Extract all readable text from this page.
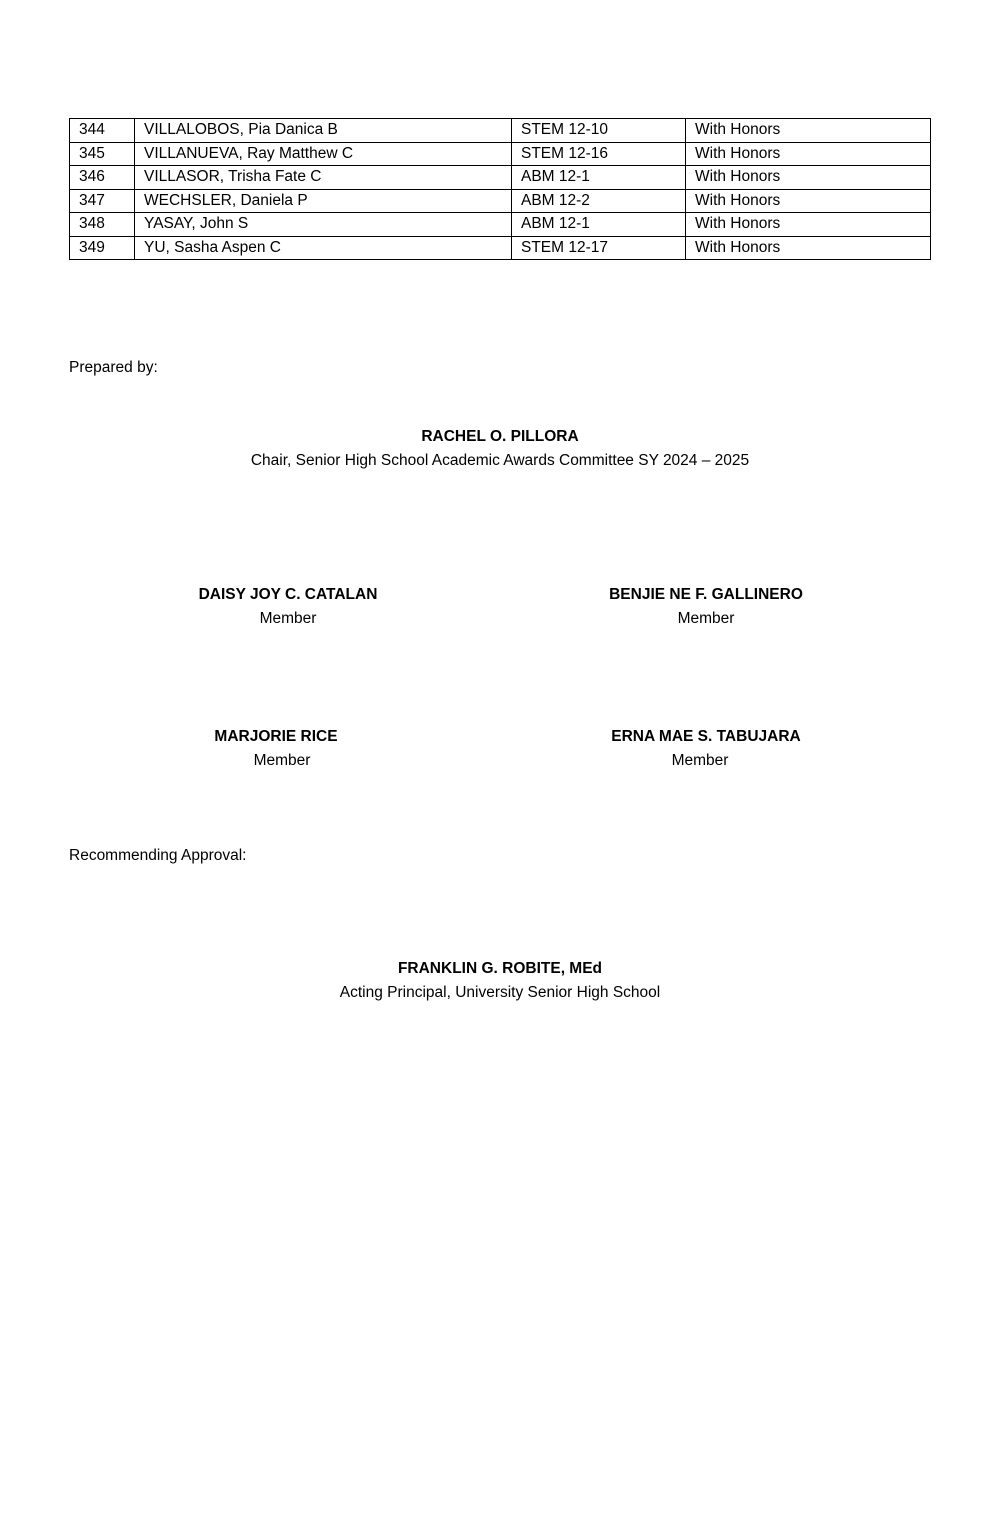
344	VILLALOBOS, Pia Danica B	STEM 12-10	With Honors
345	VILLANUEVA, Ray Matthew C	STEM 12-16	With Honors
346	VILLASOR, Trisha Fate C	ABM 12-1	With Honors
347	WECHSLER, Daniela P	ABM 12-2	With Honors
348	YASAY, John S	ABM 12-1	With Honors
349	YU, Sasha Aspen C	STEM 12-17	With Honors
Prepared by:
RACHEL O. PILLORA
Chair, Senior High School Academic Awards Committee SY 2024 – 2025
DAISY JOY C. CATALAN
Member
BENJIE NE F. GALLINERO
Member
MARJORIE RICE
Member
ERNA MAE S. TABUJARA
Member
Recommending Approval:
FRANKLIN G. ROBITE, MEd
Acting Principal, University Senior High School
